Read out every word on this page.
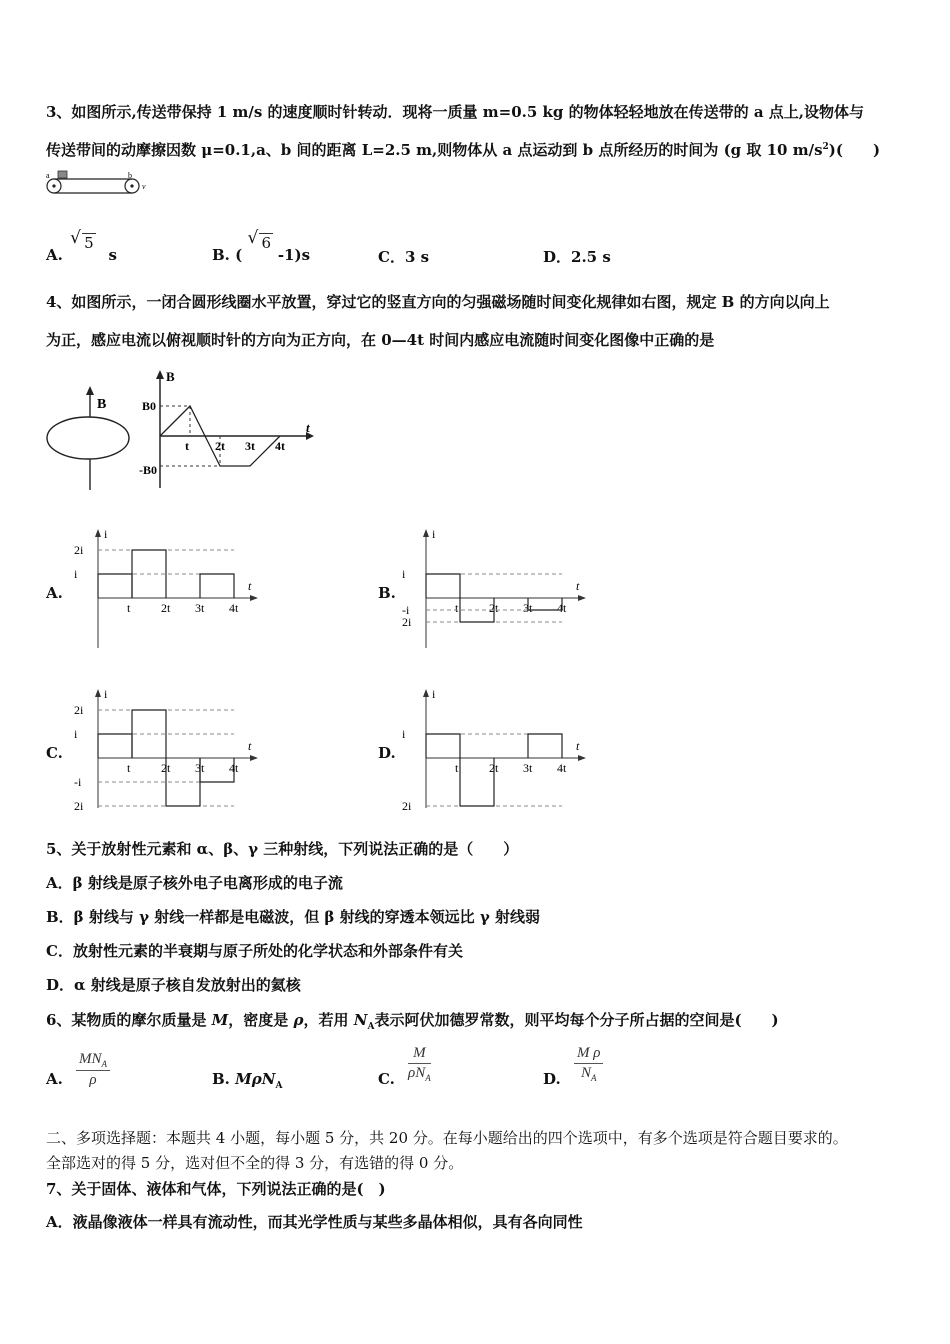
3、如图所示,传送带保持 1 m/s 的速度顺时针转动．现将一质量 m=0.5 kg 的物体轻轻地放在传送带的 a 点上,设物体与
传送带间的动摩擦因数 μ=0.1,a、b 间的距离 L=2.5 m,则物体从 a 点运动到 b 点所经历的时间为 (g 取 10 $m/s^2$)(　　)
a	b
v
A.
√ 5 s	B. (
√ 6 -1)s	C．3 s	D．2.5 s
4、如图所示，一闭合圆形线圈水平放置，穿过它的竖直方向的匀强磁场随时间变化规律如右图，规定 B 的方向以向上
为正，感应电流以俯视顺时针的方向为正方向，在 0—4t 时间内感应电流随时间变化图像中正确的是
B
B
t
B0
-B0
t 2t 3t 4t
A.
i
t
t	2t 3t 4t
2i
i
B.
i
t
t	2t 3t 4t
i
-i
2i
C.
i
t
t	2t 3t 4t
2i
i
-i
2i
D.
i
t
t	2t 3t 4t
i
2i
5、关于放射性元素和 α、β、γ 三种射线，下列说法正确的是（　　）
A．β 射线是原子核外电子电离形成的电子流
B．β 射线与 γ 射线一样都是电磁波，但 β 射线的穿透本领远比 γ 射线弱
C．放射性元素的半衰期与原子所处的化学状态和外部条件有关
D．α 射线是原子核自发放射出的氦核
6、某物质的摩尔质量是 M，密度是 ρ，若用 $N_A$表示阿伏加德罗常数，则平均每个分子所占据的空间是(　　)
A.
$MN_A$
ρ	B. MρN$_A$	C.
M
$\rho N_A$	D. $\frac{\text{M ρ}}{N_A}$
二、多项选择题：本题共 4 小题，每小题 5 分，共 20 分。在每小题给出的四个选项中，有多个选项是符合题目要求的。
全部选对的得 5 分，选对但不全的得 3 分，有选错的得 0 分。
7、关于固体、液体和气体，下列说法正确的是(　)
A．液晶像液体一样具有流动性，而其光学性质与某些多晶体相似，具有各向同性
